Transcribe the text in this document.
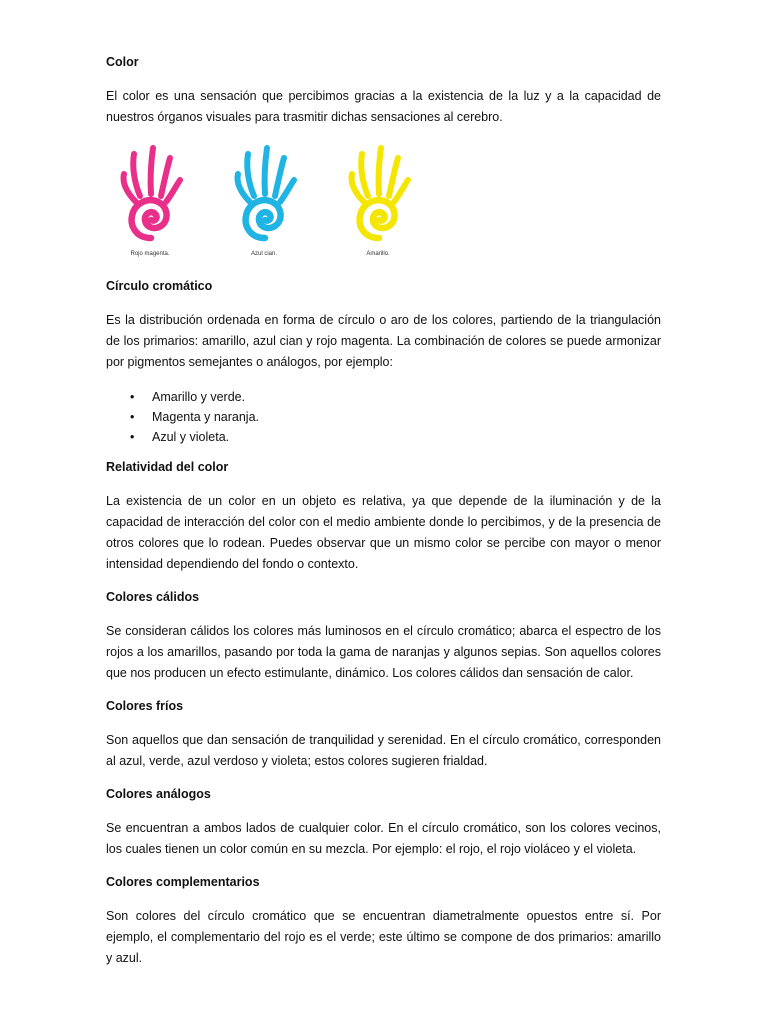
Color

El color es una sensación que percibimos gracias a la existencia de la luz y a la capacidad de nuestros órganos visuales para trasmitir dichas sensaciones al cerebro.

Rojo magenta.	Azul cian.	Amarillo.
Círculo cromático

Es la distribución ordenada en forma de círculo o aro de los colores, partiendo de la triangulación de los primarios: amarillo, azul cian y rojo magenta. La combinación de colores se puede armonizar por pigmentos semejantes o análogos, por ejemplo:

• Amarillo y verde.
• Magenta y naranja.
• Azul y violeta.
Relatividad del color

La existencia de un color en un objeto es relativa, ya que depende de la iluminación y de la capacidad de interacción del color con el medio ambiente donde lo percibimos, y de la presencia de otros colores que lo rodean. Puedes observar que un mismo color se percibe con mayor o menor intensidad dependiendo del fondo o contexto.

Colores cálidos

Se consideran cálidos los colores más luminosos en el círculo cromático; abarca el espectro de los rojos a los amarillos, pasando por toda la gama de naranjas y algunos sepias. Son aquellos colores que nos producen un efecto estimulante, dinámico. Los colores cálidos dan sensación de calor.

Colores fríos

Son aquellos que dan sensación de tranquilidad y serenidad. En el círculo cromático, corresponden al azul, verde, azul verdoso y violeta; estos colores sugieren frialdad.

Colores análogos

Se encuentran a ambos lados de cualquier color. En el círculo cromático, son los colores vecinos, los cuales tienen un color común en su mezcla. Por ejemplo: el rojo, el rojo violáceo y el violeta.

Colores complementarios

Son colores del círculo cromático que se encuentran diametralmente opuestos entre sí. Por ejemplo, el complementario del rojo es el verde; este último se compone de dos primarios: amarillo y azul.
